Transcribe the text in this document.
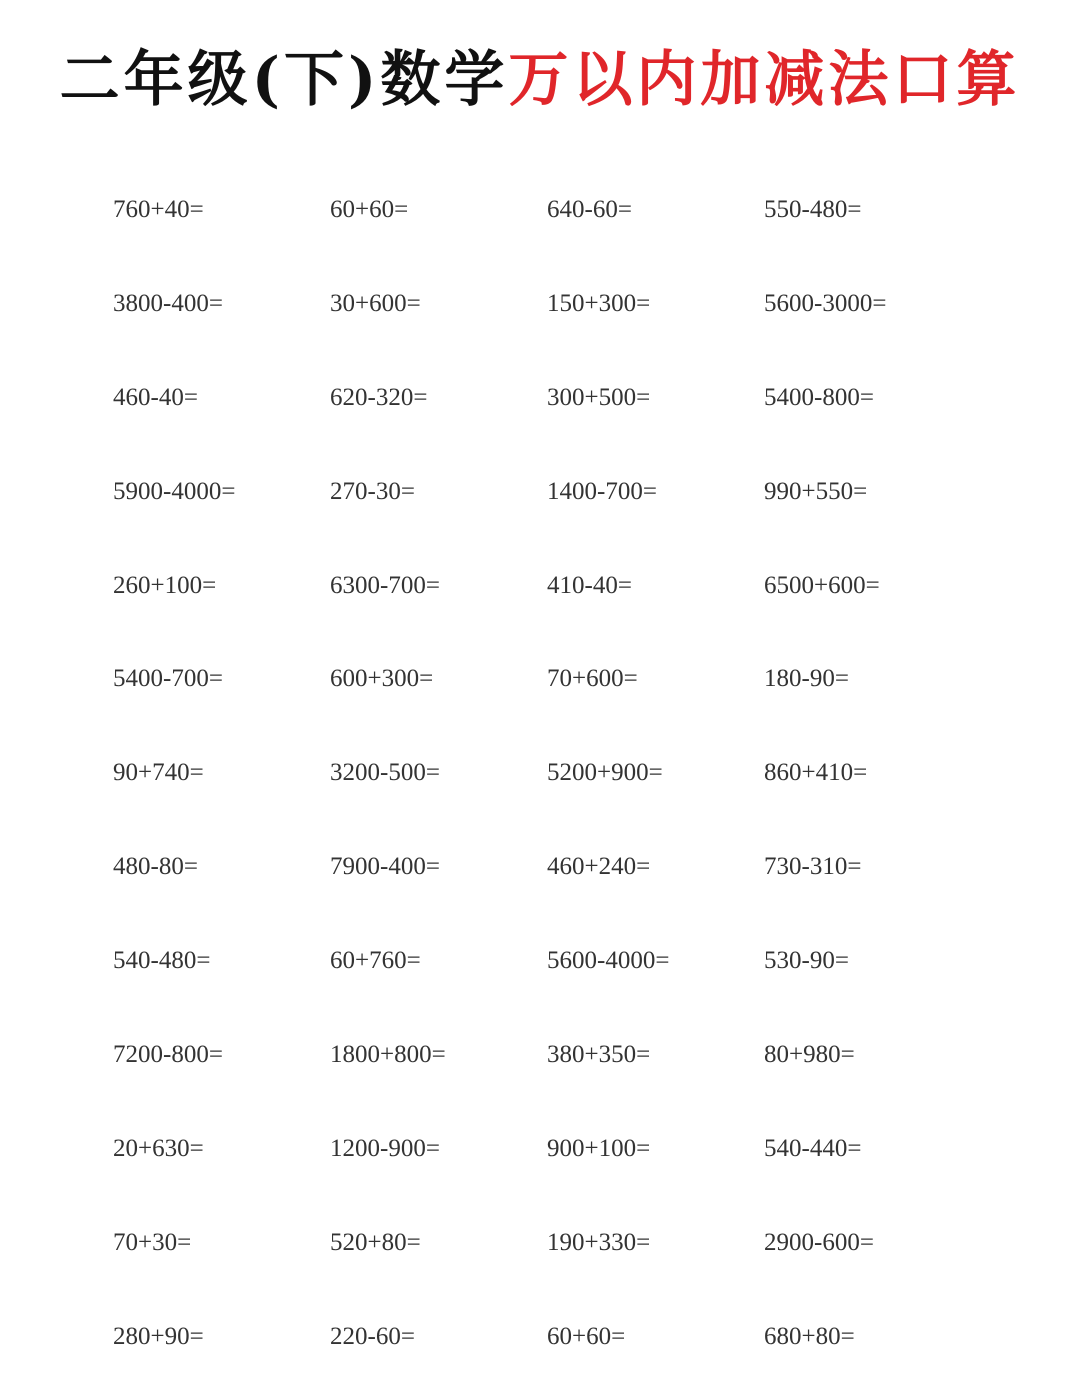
二年级(下)数学万以内加减法口算
760+40=	60+60=	640-60=	550-480=
3800-400=	30+600=	150+300=	5600-3000=
460-40=	620-320=	300+500=	5400-800=
5900-4000=	270-30=	1400-700=	990+550=
260+100=	6300-700=	410-40=	6500+600=
5400-700=	600+300=	70+600=	180-90=
90+740=	3200-500=	5200+900=	860+410=
480-80=	7900-400=	460+240=	730-310=
540-480=	60+760=	5600-4000=	530-90=
7200-800=	1800+800=	380+350=	80+980=
20+630=	1200-900=	900+100=	540-440=
70+30=	520+80=	190+330=	2900-600=
280+90=	220-60=	60+60=	680+80=
